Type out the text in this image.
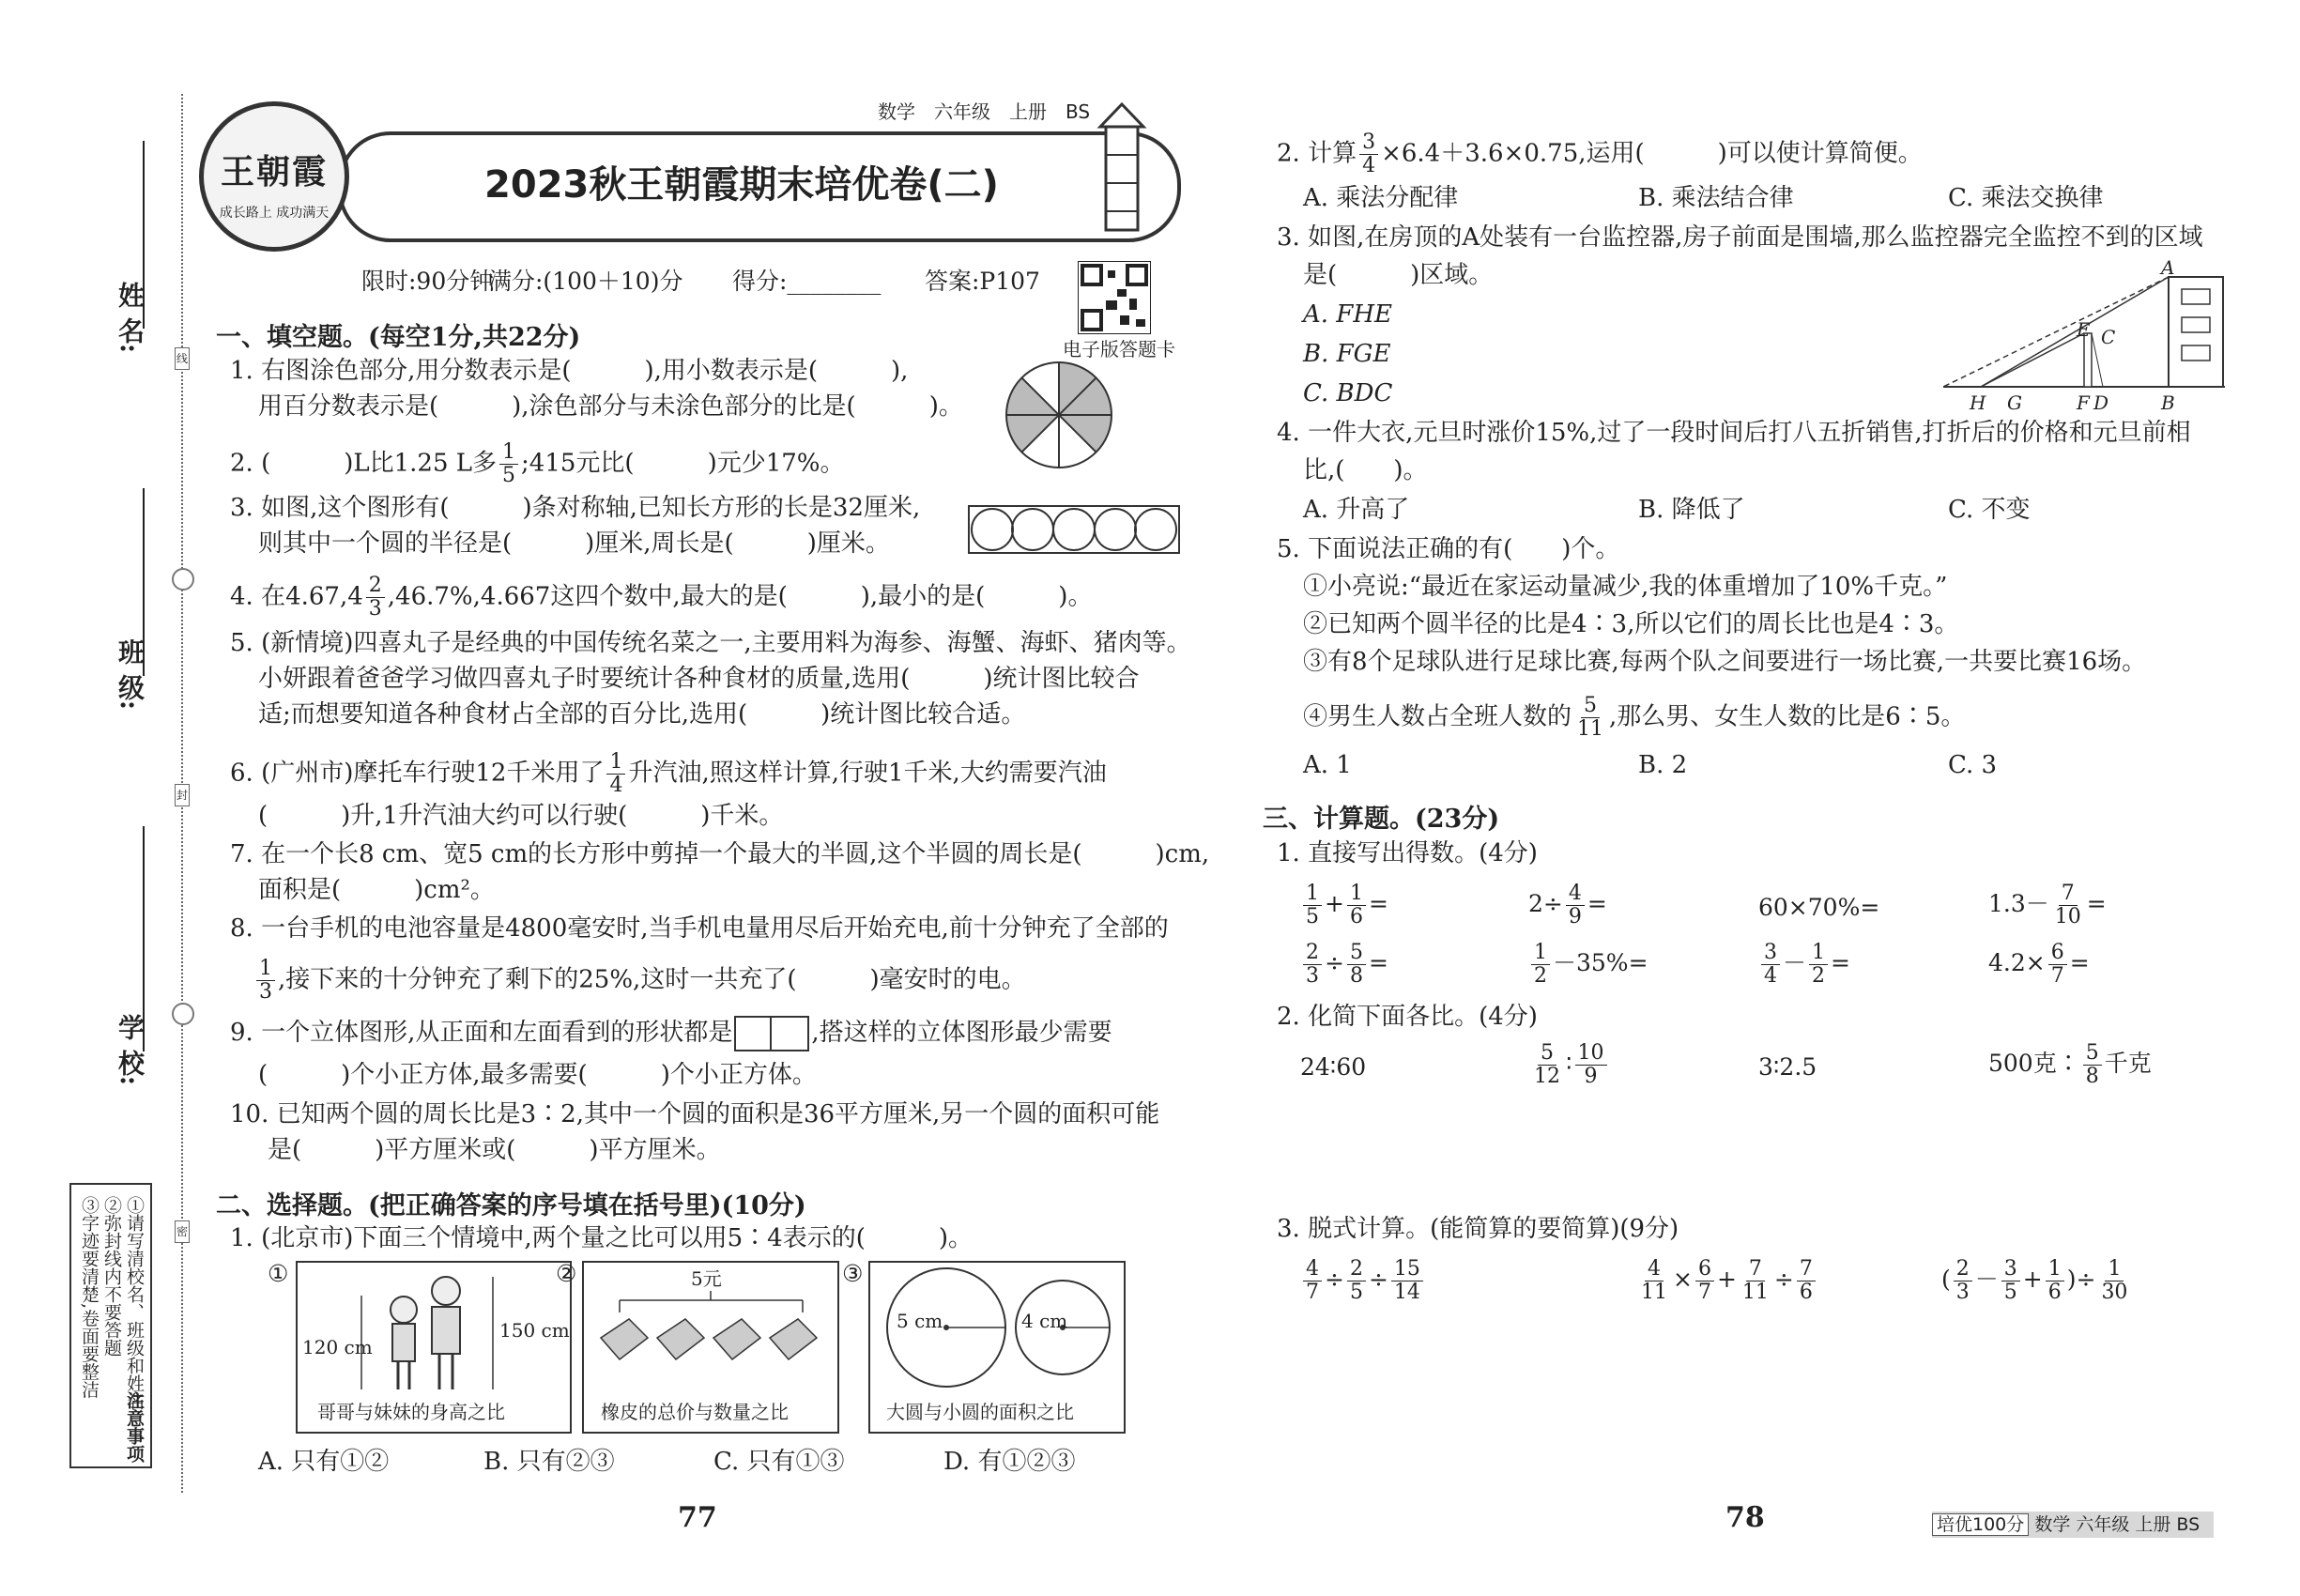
姓 名:
班 级:
学 校:
线
封
密
注意事项
①请写清校名、班级和姓名
②弥封线内不要答题
③字迹要清楚,卷面要整洁
数学　六年级　上册　BS
2023秋王朝霞期末培优卷(二)
王朝霞
成长路上 成功满天
限时:90分钟
满分:(100＋10)分 得分:________ 答案:P107
电子版答题卡
一、填空题。(每空1分,共22分)
1. 右图涂色部分,用分数表示是(　　　),用小数表示是(　　　),
用百分数表示是(　　　),涂色部分与未涂色部分的比是(　　　)。
2. (　　　)L比1.25 L多 $\frac{1}{5}$ ;415元比(　　　)元少17%。
3. 如图,这个图形有(　　　)条对称轴,已知长方形的长是32厘米,
则其中一个圆的半径是(　　　)厘米,周长是(　　　)厘米。
4. 在$4.67,4 \frac{2}{3} ,46.7\%,4.667$这四个数中,最大的是(　　　),最小的是(　　　)。
5. (新情境)四喜丸子是经典的中国传统名菜之一,主要用料为海参、海蟹、海虾、猪肉等。
小妍跟着爸爸学习做四喜丸子时要统计各种食材的质量,选用(　　　)统计图比较合
适;而想要知道各种食材占全部的百分比,选用(　　　)统计图比较合适。
6. (广州市)摩托车行驶12千米用了 $\frac{1}{4}$ 升汽油,照这样计算,行驶1千米,大约需要汽油
(　　　)升,1升汽油大约可以行驶(　　　)千米。
7. 在一个长8 cm、宽5 cm的长方形中剪掉一个最大的半圆,这个半圆的周长是(　　　)cm,
面积是(　　　)cm²。
8. 一台手机的电池容量是4800毫安时,当手机电量用尽后开始充电,前十分钟充了全部的
$\frac{1}{3}$ ,接下来的十分钟充了剩下的25%,这时一共充了(　　　)毫安时的电。
9. 一个立体图形,从正面和左面看到的形状都是	,搭这样的立体图形最少需要
(　　　)个小正方体,最多需要(　　　)个小正方体。
10. 已知两个圆的周长比是3∶2,其中一个圆的面积是36平方厘米,另一个圆的面积可能
是(　　　)平方厘米或(　　　)平方厘米。
二、选择题。(把正确答案的序号填在括号里)(10分)
1. (北京市)下面三个情境中,两个量之比可以用5∶4表示的(　　　)。
①
120 cm
150 cm
哥哥与妹妹的身高之比
②	5元
橡皮的总价与数量之比
③
5 cm	4 cm
大圆与小圆的面积之比
A. 只有①②	B. 只有②③	C. 只有①③	D. 有①②③
77
2. 计算 $\frac{3}{4} \times 6.4+3.6\times 0.75$,运用(　　　)可以使计算简便。
A. 乘法分配律	B. 乘法结合律	C. 乘法交换律
3. 如图,在房顶的A处装有一台监控器,房子前面是围墙,那么监控器完全监控不到的区域
是(　　　)区域。
A. FHE
B. FGE
C. BDC
A
E C
H G	F D	B
4. 一件大衣,元旦时涨价15%,过了一段时间后打八五折销售,打折后的价格和元旦前相
比,(　　)。
A. 升高了	B. 降低了	C. 不变
5. 下面说法正确的有(　　)个。
①小亮说:“最近在家运动量减少,我的体重增加了10%千克。”
②已知两个圆半径的比是4∶3,所以它们的周长比也是4∶3。
③有8个足球队进行足球比赛,每两个队之间要进行一场比赛,一共要比赛16场。
④男生人数占全班人数的 $\frac{5}{11}$ ,那么男、女生人数的比是6∶5。
A. 1	B. 2	C. 3
三、计算题。(23分)
1. 直接写出得数。(4分)
$\frac{1}{5} + \frac{1}{6}$ =	$2\div \frac{4}{9}$ =	60×70%=	$1.3- \frac{7}{10}$ =
$\frac{2}{3} \div \frac{5}{8}$ =	$\frac{1}{2} -35\%=$	$\frac{3}{4} - \frac{1}{2}$ =	$4.2\times \frac{6}{7}$ =
2. 化简下面各比。(4分)
24∶60	$\frac{5}{12}$ ∶ $\frac{10}{9}$	3∶2.5	500克∶ $\frac{5}{8}$ 千克
3. 脱式计算。(能简算的要简算)(9分)
$\frac{4}{7} \div \frac{2}{5} \div \frac{15}{14}$	$\frac{4}{11} \times \frac{6}{7} + \frac{7}{11} \div \frac{7}{6}$	( $\frac{2}{3} - \frac{3}{5} + \frac{1}{6}$ )÷ $\frac{1}{30}$
78	培优100分 数学 六年级 上册 BS
